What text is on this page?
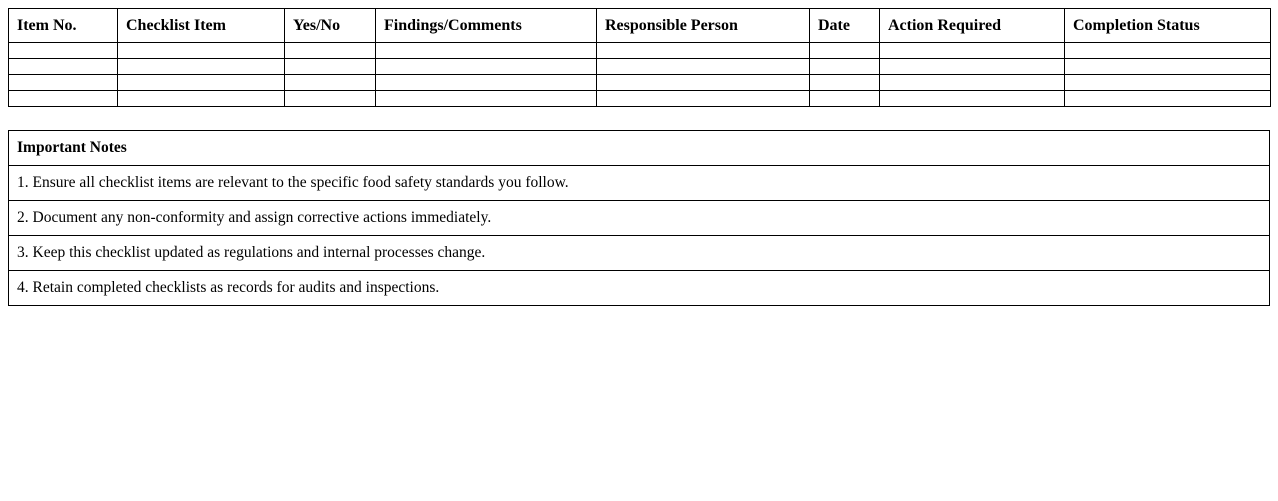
Item No.	Checklist Item	Yes/No	Findings/Comments	Responsible Person	Date	Action Required	Completion Status

Important Notes
1. Ensure all checklist items are relevant to the specific food safety standards you follow.
2. Document any non-conformity and assign corrective actions immediately.
3. Keep this checklist updated as regulations and internal processes change.
4. Retain completed checklists as records for audits and inspections.
